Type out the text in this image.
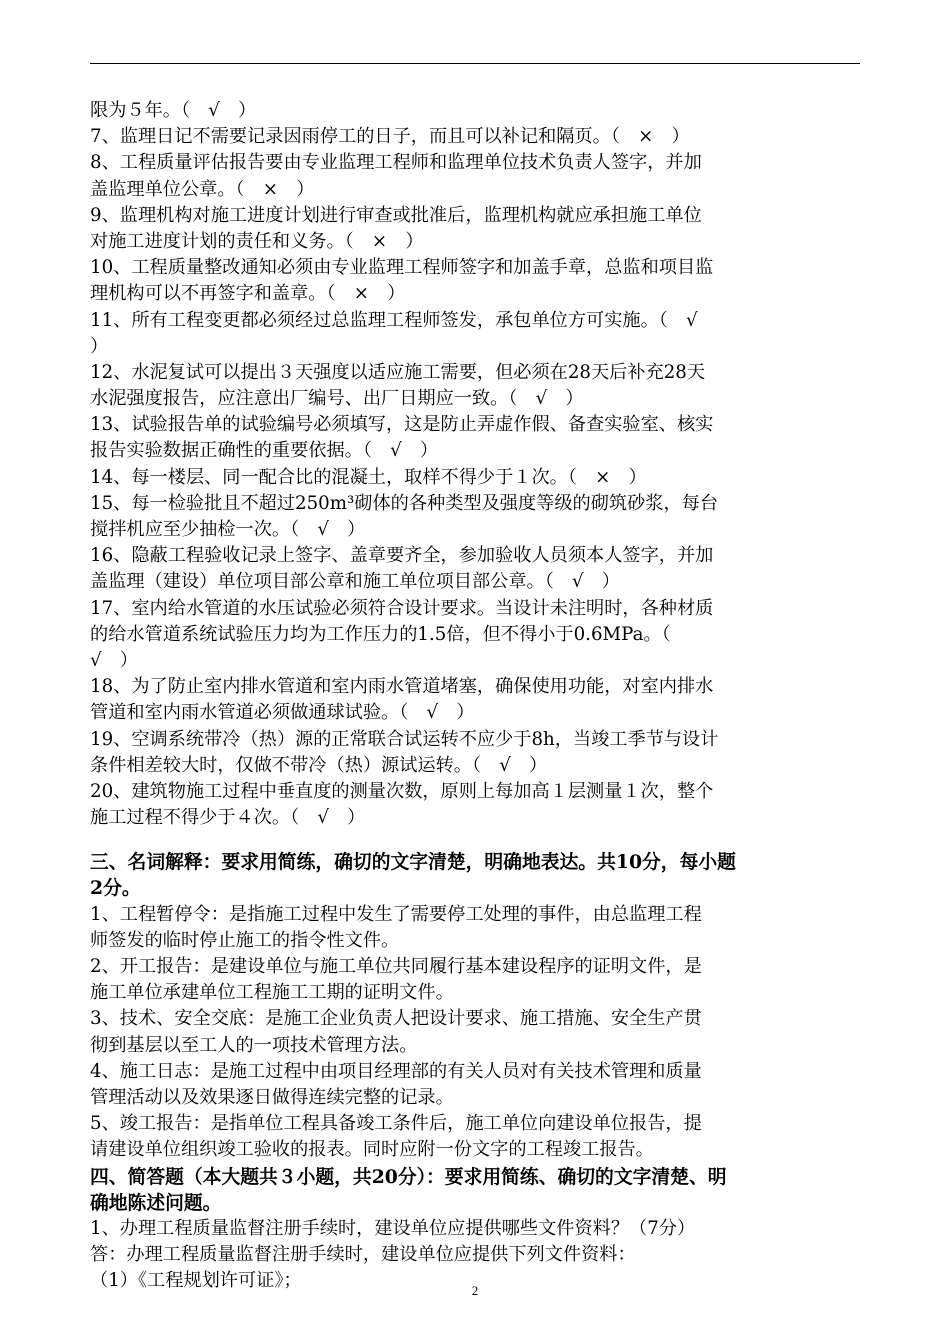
限为５年。（　√　）
7、监理日记不需要记录因雨停工的日子，而且可以补记和隔页。（　×　）
8、工程质量评估报告要由专业监理工程师和监理单位技术负责人签字，并加
盖监理单位公章。（　×　）
9、监理机构对施工进度计划进行审查或批准后，监理机构就应承担施工单位
对施工进度计划的责任和义务。（　×　）
10、工程质量整改通知必须由专业监理工程师签字和加盖手章，总监和项目监
理机构可以不再签字和盖章。（　×　）
11、所有工程变更都必须经过总监理工程师签发，承包单位方可实施。（　√
）
12、水泥复试可以提出３天强度以适应施工需要，但必须在28天后补充28天
水泥强度报告，应注意出厂编号、出厂日期应一致。（　√　）
13、试验报告单的试验编号必须填写，这是防止弄虚作假、备查实验室、核实
报告实验数据正确性的重要依据。（　√　）
14、每一楼层、同一配合比的混凝土，取样不得少于１次。（　×　）
15、每一检验批且不超过250m³砌体的各种类型及强度等级的砌筑砂浆，每台
搅拌机应至少抽检一次。（　√　）
16、隐蔽工程验收记录上签字、盖章要齐全，参加验收人员须本人签字，并加
盖监理（建设）单位项目部公章和施工单位项目部公章。（　√　）
17、室内给水管道的水压试验必须符合设计要求。当设计未注明时，各种材质
的给水管道系统试验压力均为工作压力的1.5倍，但不得小于0.6MPa。（
√　）
18、为了防止室内排水管道和室内雨水管道堵塞，确保使用功能，对室内排水
管道和室内雨水管道必须做通球试验。（　√　）
19、空调系统带冷（热）源的正常联合试运转不应少于8h，当竣工季节与设计
条件相差较大时，仅做不带冷（热）源试运转。（　√　）
20、建筑物施工过程中垂直度的测量次数，原则上每加高１层测量１次，整个
施工过程不得少于４次。（　√　）
三、名词解释：要求用简练，确切的文字清楚，明确地表达。共10分，每小题
2分。
1、工程暂停令：是指施工过程中发生了需要停工处理的事件，由总监理工程
师签发的临时停止施工的指令性文件。
2、开工报告：是建设单位与施工单位共同履行基本建设程序的证明文件，是
施工单位承建单位工程施工工期的证明文件。
3、技术、安全交底：是施工企业负责人把设计要求、施工措施、安全生产贯
彻到基层以至工人的一项技术管理方法。
4、施工日志：是施工过程中由项目经理部的有关人员对有关技术管理和质量
管理活动以及效果逐日做得连续完整的记录。
5、竣工报告：是指单位工程具备竣工条件后，施工单位向建设单位报告，提
请建设单位组织竣工验收的报表。同时应附一份文字的工程竣工报告。
四、简答题（本大题共３小题，共20分）：要求用简练、确切的文字清楚、明
确地陈述问题。
1、办理工程质量监督注册手续时，建设单位应提供哪些文件资料？（7分）
答：办理工程质量监督注册手续时，建设单位应提供下列文件资料：
（1）《工程规划许可证》；	2
